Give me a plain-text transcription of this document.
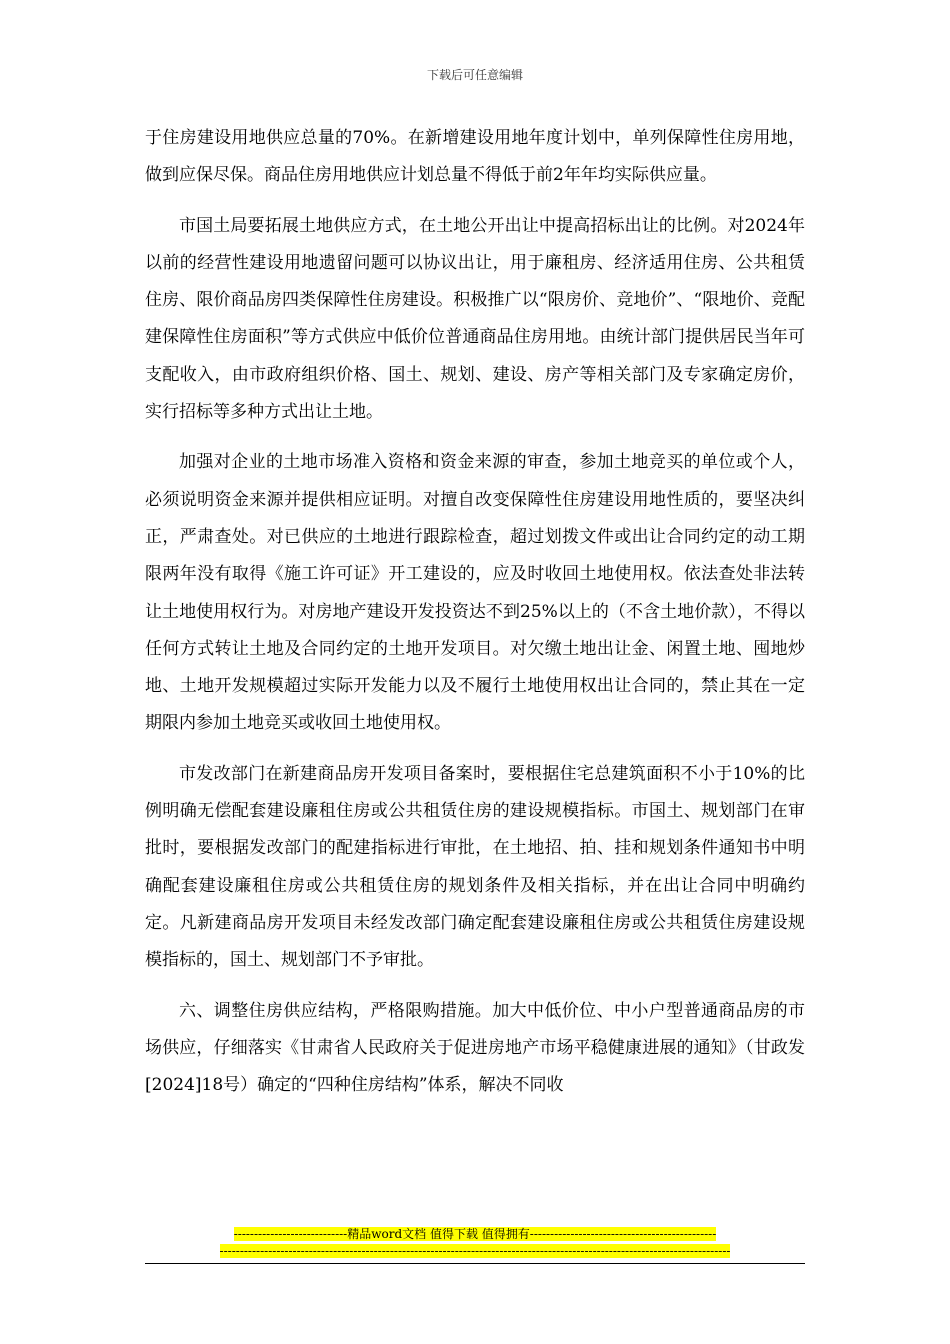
下载后可任意编辑

于住房建设用地供应总量的70%。在新增建设用地年度计划中，单列保障性住房用地，做到应保尽保。商品住房用地供应计划总量不得低于前2年年均实际供应量。

市国土局要拓展土地供应方式，在土地公开出让中提高招标出让的比例。对2024年以前的经营性建设用地遗留问题可以协议出让，用于廉租房、经济适用住房、公共租赁住房、限价商品房四类保障性住房建设。积极推广以“限房价、竞地价”、“限地价、竞配建保障性住房面积”等方式供应中低价位普通商品住房用地。由统计部门提供居民当年可支配收入，由市政府组织价格、国土、规划、建设、房产等相关部门及专家确定房价，实行招标等多种方式出让土地。

加强对企业的土地市场准入资格和资金来源的审查，参加土地竞买的单位或个人，必须说明资金来源并提供相应证明。对擅自改变保障性住房建设用地性质的，要坚决纠正，严肃查处。对已供应的土地进行跟踪检查，超过划拨文件或出让合同约定的动工期限两年没有取得《施工许可证》开工建设的，应及时收回土地使用权。依法查处非法转让土地使用权行为。对房地产建设开发投资达不到25%以上的（不含土地价款），不得以任何方式转让土地及合同约定的土地开发项目。对欠缴土地出让金、闲置土地、囤地炒地、土地开发规模超过实际开发能力以及不履行土地使用权出让合同的，禁止其在一定期限内参加土地竞买或收回土地使用权。

市发改部门在新建商品房开发项目备案时，要根据住宅总建筑面积不小于10%的比例明确无偿配套建设廉租住房或公共租赁住房的建设规模指标。市国土、规划部门在审批时，要根据发改部门的配建指标进行审批，在土地招、拍、挂和规划条件通知书中明确配套建设廉租住房或公共租赁住房的规划条件及相关指标，并在出让合同中明确约定。凡新建商品房开发项目未经发改部门确定配套建设廉租住房或公共租赁住房建设规模指标的，国土、规划部门不予审批。

六、调整住房供应结构，严格限购措施。加大中低价位、中小户型普通商品房的市场供应，仔细落实《甘肃省人民政府关于促进房地产市场平稳健康进展的通知》（甘政发[2024]18号）确定的“四种住房结构”体系，解决不同收

----------------------------精品word文档 值得下载 值得拥有----------------------------------------------
------------------------------------------------------------------------------------------------------------------------------
